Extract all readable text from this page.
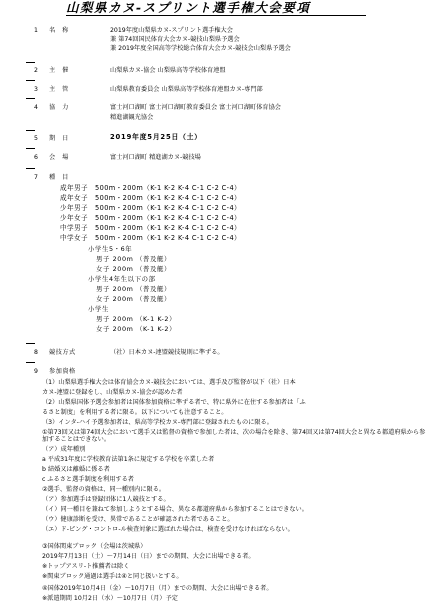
山梨県カヌ-スプリント選手権大会要項
1 名 称	2019年度山梨県カヌ-スプリント選手権大会
兼 第74回国民体育大会カヌ-競技山梨県予選会
兼 2019年度全国高等学校総合体育大会カヌ-競技会山梨県予選会
2 主 催	山梨県カヌ-協会 山梨県高等学校体育連盟
3 主 管	山梨県教育委員会 山梨県高等学校体育連盟カヌ-専門部
4 協 力	富士河口湖町 富士河口湖町教育委員会 富士河口湖町体育協会
精進湖観光協会
5 期 日	2019年度5月25日（土）
6 会 場	富士河口湖町 精進湖カヌ-競技場
7 種 目
成年男子 500m・200m（K-1 K-2 K-4 C-1 C-2 C-4）
成年女子 500m・200m（K-1 K-2 K-4 C-1 C-2 C-4）
少年男子 500m・200m（K-1 K-2 K-4 C-1 C-2 C-4）
少年女子 500m・200m（K-1 K-2 K-4 C-1 C-2 C-4）
中学男子 500m・200m（K-1 K-2 K-4 C-1 C-2 C-4）
中学女子 500m・200m（K-1 K-2 K-4 C-1 C-2 C-4）
小学生5・6年
男子 200m （普及艇）
女子 200m （普及艇）
小学生4年生以下の部
男子 200m （普及艇）
女子 200m （普及艇）
小学生
男子 200m （K-1 K-2）
女子 200m （K-1 K-2）
8 競技方式	（社）日本カヌ-連盟競技規則に準ずる。
9 参加資格
（1）山梨県選手権大会は体育協会カヌ-競技会においては、選手及び監督が以下（社）日本
カヌ-連盟に登録をし、山梨県カヌ-協会が認めた者
（2）山梨県国体予選会参加者は国体参加資格に準ずる者で、特に県外に在住する参加者は「ふ
るさと制度」を利用する者に限る。以下についても注意すること。
（3）インタ-ハイ予選参加者は、県高等学校カヌ-専門部に登録されたものに限る。
①第73回又は第74回大会において選手又は監督の資格で参加した者は、次の場合を除き、第74回又は第74回大会と異なる都道府県から参加することはできない。
（ア）成年種別
a 平成31年度に学校教育法第1条に規定する学校を卒業した者
b 結婚又は離婚に係る者
c ふるさと選手制度を利用する者
②選手、監督の資格は、同一種別内に限る。
（ア）参加選手は登録団体に1人競技とする。
（イ）同一種目を兼ねて参加しようとする場合、異なる都道府県から参加することはできない。
（ウ）健康診断を受け、異常であることが確認された者であること。
（エ）ド-ピング・コントロ-ル検査対象に選ばれた場合は、検査を受けなければならない。
③国体関東ブロック（会場は茨城県）
2019年7月13日（土）～7月14日（日）までの期間、大会に出場できる者。
※トップアスリ-ト推薦者は除く
※関東ブロック通過は選手は④と同じ扱いとする。
④国体2019年10月4日（金）～10月7日（月）までの期間、大会に出場できる者。
※派遣期間 10月2日（水）～10月7日（月）予定
